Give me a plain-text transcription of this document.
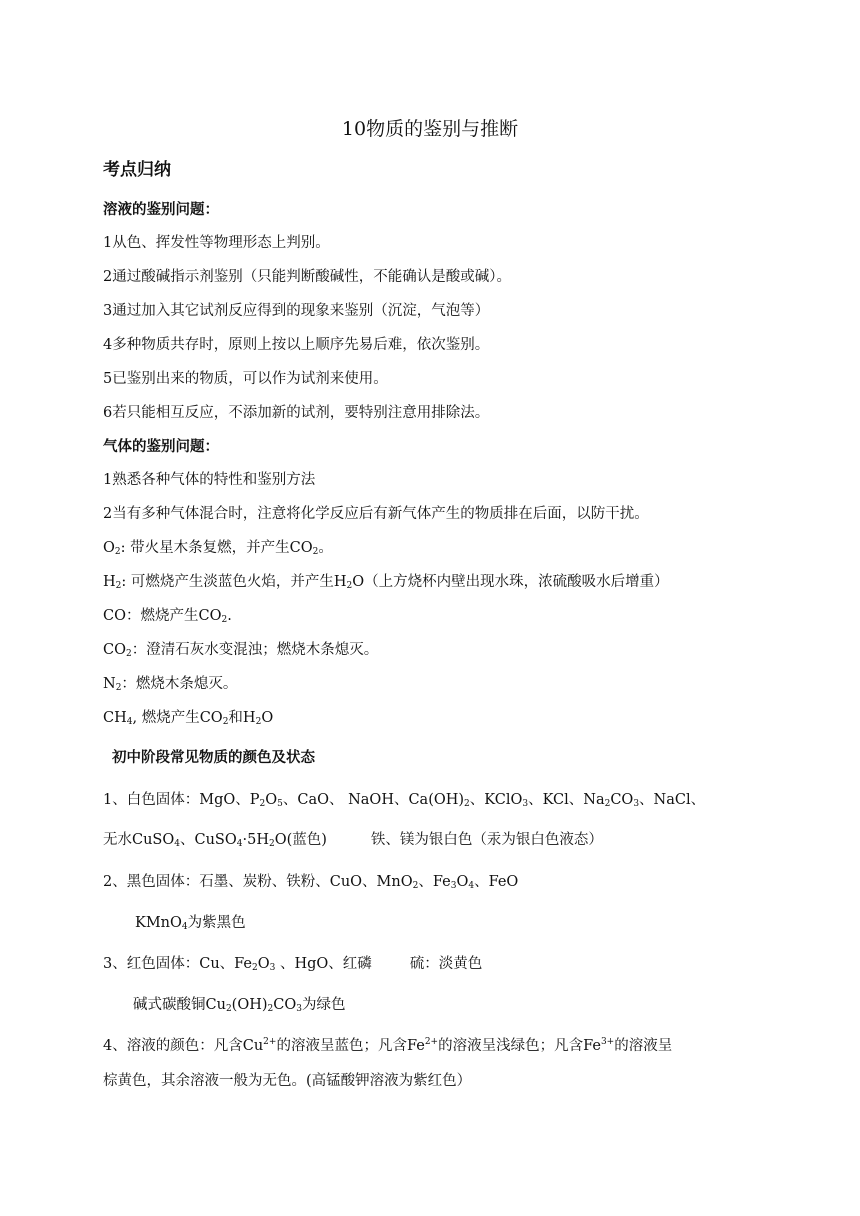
10物质的鉴别与推断
考点归纳
溶液的鉴别问题：
1从色、挥发性等物理形态上判别。
2通过酸碱指示剂鉴别（只能判断酸碱性，不能确认是酸或碱）。
3通过加入其它试剂反应得到的现象来鉴别（沉淀，气泡等）
4多种物质共存时，原则上按以上顺序先易后难，依次鉴别。
5已鉴别出来的物质，可以作为试剂来使用。
6若只能相互反应，不添加新的试剂，要特别注意用排除法。
气体的鉴别问题：
1熟悉各种气体的特性和鉴别方法
2当有多种气体混合时，注意将化学反应后有新气体产生的物质排在后面，以防干扰。
$O_2$: 带火星木条复燃，并产生$CO_2$。
$H_2$: 可燃烧产生淡蓝色火焰，并产生$H_2O$（上方烧杯内壁出现水珠，浓硫酸吸水后增重）
CO：燃烧产生$CO_2$.
$CO_2$：澄清石灰水变混浊；燃烧木条熄灭。
$N_2$：燃烧木条熄灭。
$CH_4$, 燃烧产生$CO_2$和$H_2O$
初中阶段常见物质的颜色及状态
1、白色固体：MgO、$P_2O_5$、CaO、 NaOH、$Ca(OH)_2$、KClO$_3$、KCl、$Na_2CO_3$、NaCl、
无水CuSO$_4$、$CuSO_4\cdot 5H_2O$(蓝色)	铁、镁为银白色（汞为银白色液态）
2、黑色固体：石墨、炭粉、铁粉、CuO、MnO$_2$、$Fe_3O_4$、FeO
KMnO$_4$为紫黑色
3、红色固体：Cu、$Fe_2O_3$ 、HgO、红磷	硫：淡黄色
碱式碳酸铜$Cu_2(OH)_2CO_3$为绿色
4、溶液的颜色：凡含$Cu^{2+}$的溶液呈蓝色；凡含$Fe^{2+}$的溶液呈浅绿色；凡含$Fe^{3+}$的溶液呈
棕黄色，其余溶液一般为无色。(高锰酸钾溶液为紫红色）
